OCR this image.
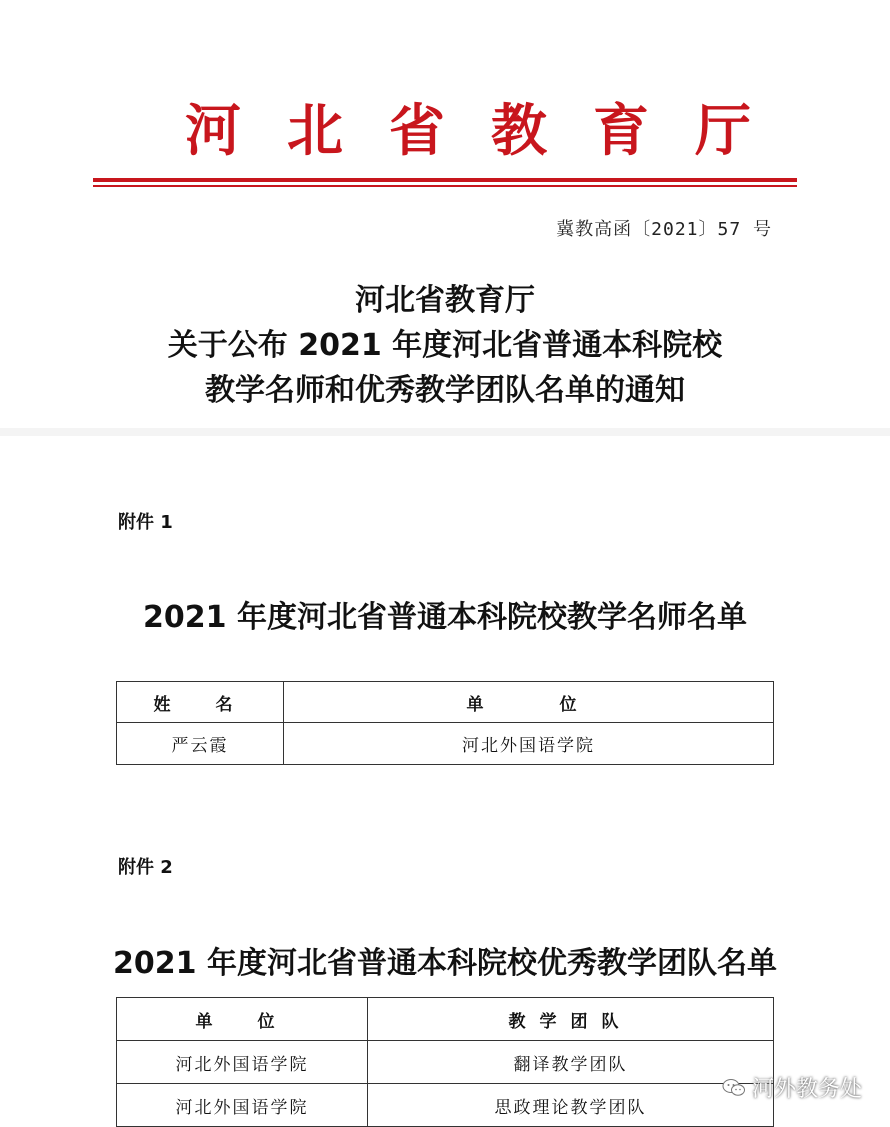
河北省教育厅
冀教高函〔2021〕57 号
河北省教育厅
关于公布 2021 年度河北省普通本科院校
教学名师和优秀教学团队名单的通知
附件 1
2021 年度河北省普通本科院校教学名师名单
姓　名	单　　位
严云霞	河北外国语学院
附件 2
2021 年度河北省普通本科院校优秀教学团队名单
单　位	教学团队
河北外国语学院	翻译教学团队
河北外国语学院	思政理论教学团队
河外教务处
